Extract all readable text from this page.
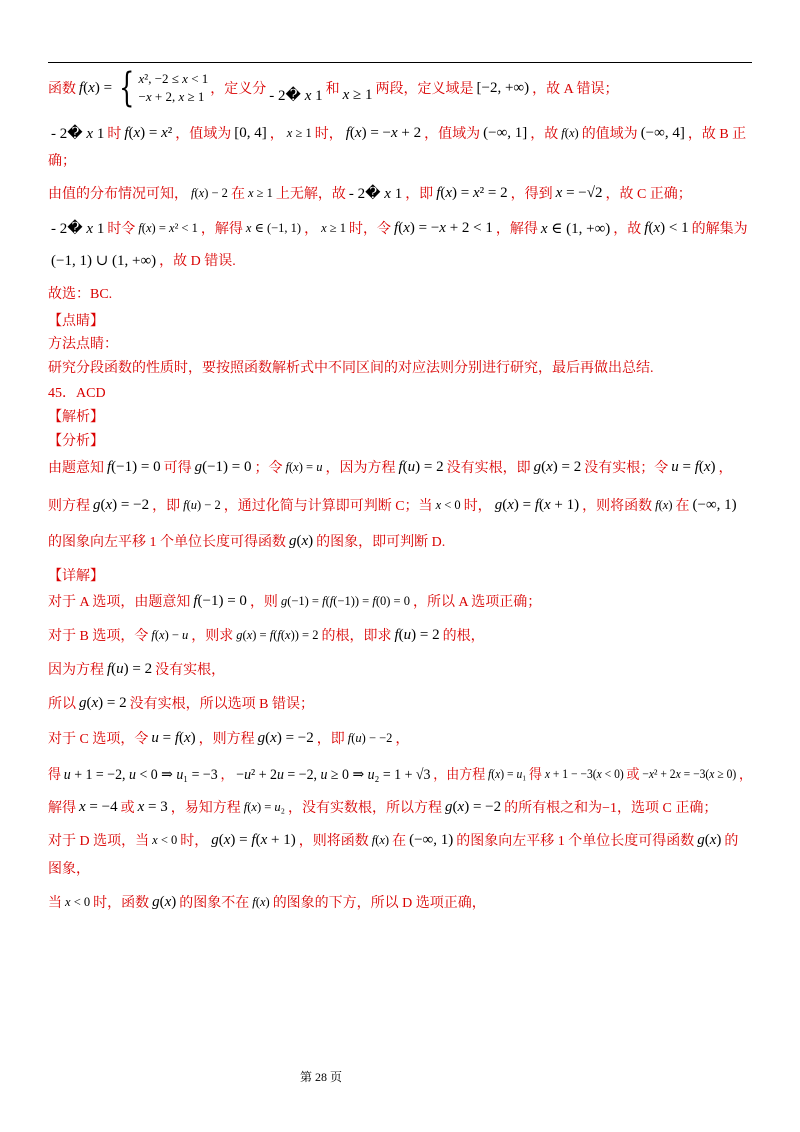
函数 f(x) = { x², −2 ≤ x < 1
−x + 2, x ≥ 1 ，定义分 - 2� x 1 和 x ≥ 1 两段，定义域是 [−2, +∞) ，故 A 错误；
- 2� x 1 时 f(x) = x² ，值域为 [0, 4] ， x ≥ 1 时， f(x) = −x + 2 ，值域为 (−∞, 1] ，故 f(x) 的值域为 (−∞, 4] ，故 B 正
确；
由值的分布情况可知， f(x) − 2 在 x ≥ 1 上无解，故 - 2� x 1 ，即 f(x) = x² = 2 ，得到 x = −√2 ，故 C 正确；
- 2� x 1 时令 f(x) = x² < 1 ，解得 x ∈ (−1, 1) ， x ≥ 1 时，令 f(x) = −x + 2 < 1 ，解得 x ∈ (1, +∞) ，故 f(x) < 1 的解集为
(−1, 1) ∪ (1, +∞) ，故 D 错误.
故选：BC.
【点睛】
方法点睛：
研究分段函数的性质时，要按照函数解析式中不同区间的对应法则分别进行研究，最后再做出总结.
45．ACD
【解析】
【分析】
由题意知 f(−1) = 0 可得 g(−1) = 0 ；令 f(x) = u ，因为方程 f(u) = 2 没有实根，即 g(x) = 2 没有实根；令 u = f(x) ，
则方程 g(x) = −2 ，即 f(u) − 2 ，通过化简与计算即可判断 C；当 x < 0 时， g(x) = f(x + 1) ，则将函数 f(x) 在 (−∞, 1)
的图象向左平移 1 个单位长度可得函数 g(x) 的图象，即可判断 D.
【详解】
对于 A 选项，由题意知 f(−1) = 0 ，则 g(−1) = f(f(−1)) = f(0) = 0 ，所以 A 选项正确；
对于 B 选项，令 f(x) − u ，则求 g(x) = f(f(x)) = 2 的根，即求 f(u) = 2 的根，
因为方程 f(u) = 2 没有实根，
所以 g(x) = 2 没有实根，所以选项 B 错误；
对于 C 选项，令 u = f(x) ，则方程 g(x) = −2 ，即 f(u) − −2 ，
得 u + 1 = −2, u < 0 ⇒ u₁ = −3 ， −u² + 2u = −2, u ≥ 0 ⇒ u₂ = 1 + √3 ，由方程 f(x) = u₁ 得 x + 1 − −3(x < 0) 或 −x² + 2x = −3(x ≥ 0) ，
解得 x = −4 或 x = 3 ，易知方程 f(x) = u₂ ，没有实数根，所以方程 g(x) = −2 的所有根之和为−1，选项 C 正确；
对于 D 选项，当 x < 0 时， g(x) = f(x + 1) ，则将函数 f(x) 在 (−∞, 1) 的图象向左平移 1 个单位长度可得函数 g(x) 的
图象，
当 x < 0 时，函数 g(x) 的图象不在 f(x) 的图象的下方，所以 D 选项正确，
第 28 页
